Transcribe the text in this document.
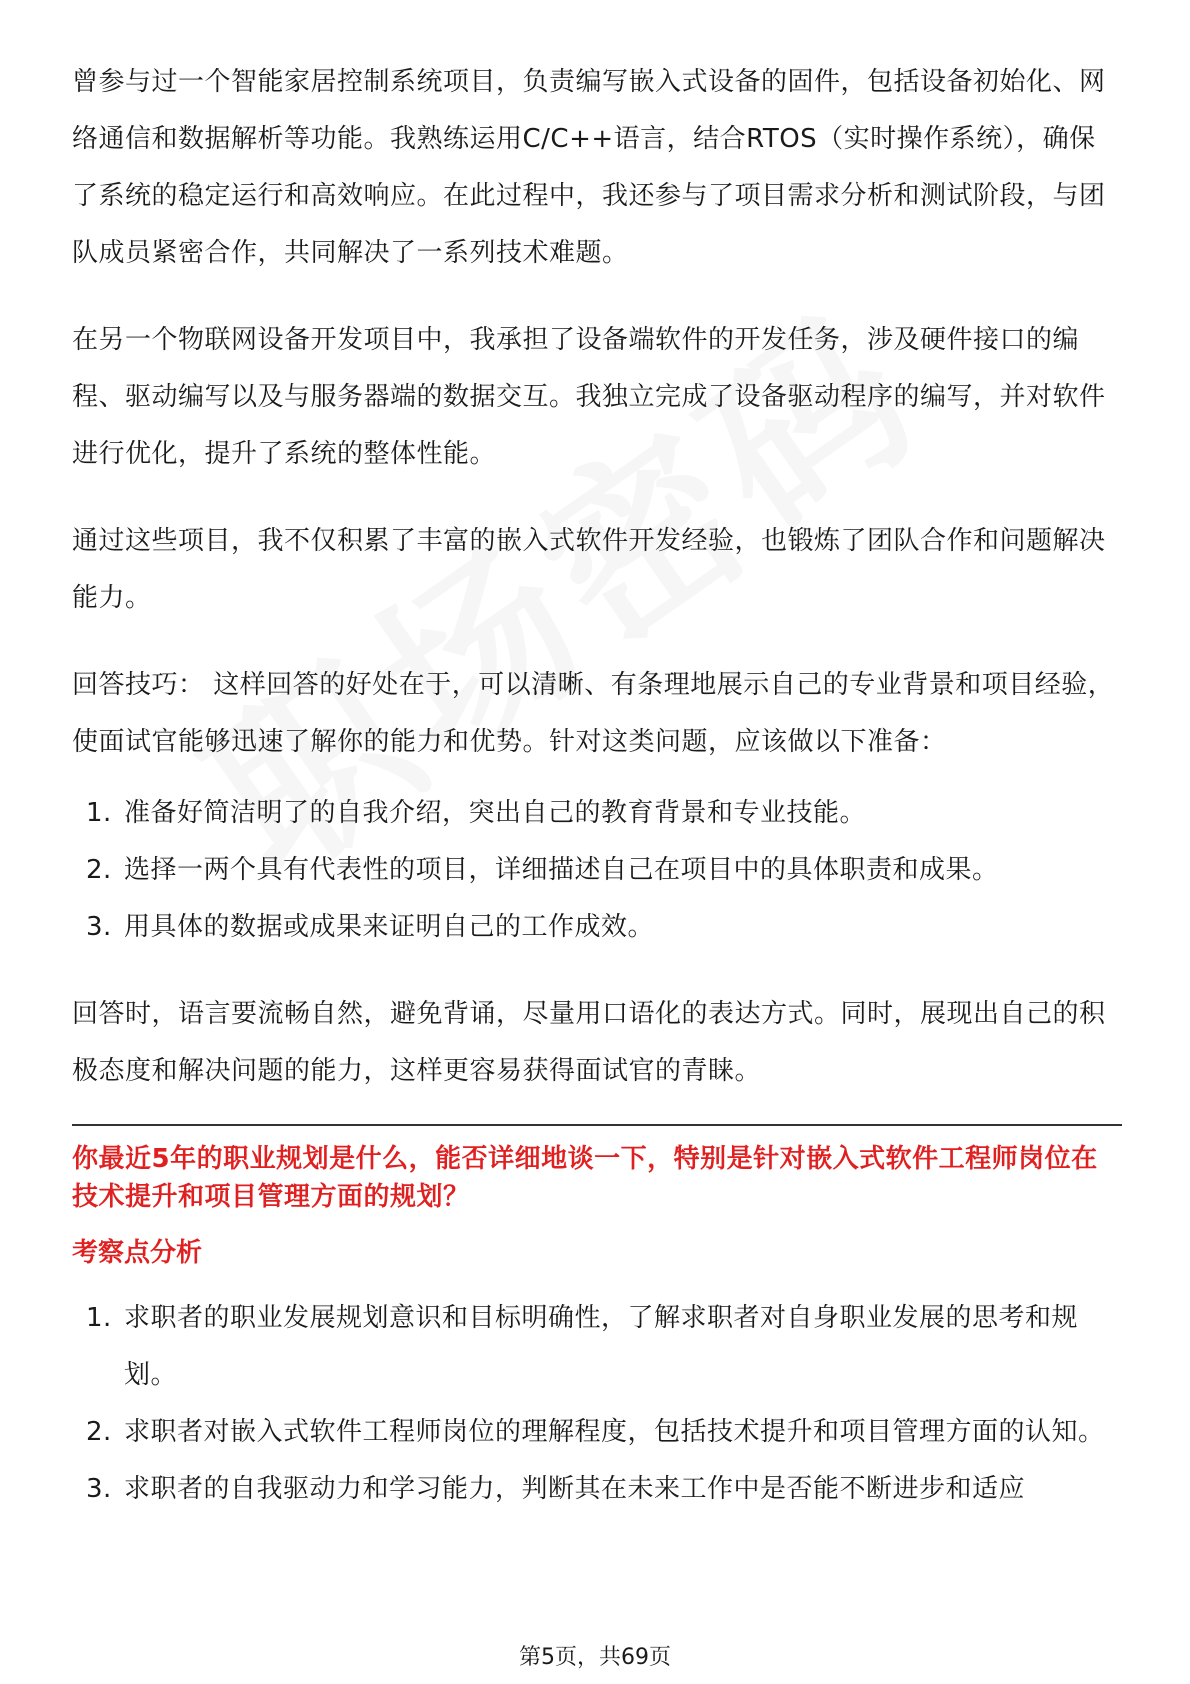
曾参与过一个智能家居控制系统项目，负责编写嵌入式设备的固件，包括设备初始化、网络通信和数据解析等功能。我熟练运用C/C++语言，结合RTOS（实时操作系统），确保了系统的稳定运行和高效响应。在此过程中，我还参与了项目需求分析和测试阶段，与团队成员紧密合作，共同解决了一系列技术难题。

在另一个物联网设备开发项目中，我承担了设备端软件的开发任务，涉及硬件接口的编程、驱动编写以及与服务器端的数据交互。我独立完成了设备驱动程序的编写，并对软件进行优化，提升了系统的整体性能。

通过这些项目，我不仅积累了丰富的嵌入式软件开发经验，也锻炼了团队合作和问题解决能力。

回答技巧： 这样回答的好处在于，可以清晰、有条理地展示自己的专业背景和项目经验，使面试官能够迅速了解你的能力和优势。针对这类问题，应该做以下准备：

1. 准备好简洁明了的自我介绍，突出自己的教育背景和专业技能。
2. 选择一两个具有代表性的项目，详细描述自己在项目中的具体职责和成果。
3. 用具体的数据或成果来证明自己的工作成效。

回答时，语言要流畅自然，避免背诵，尽量用口语化的表达方式。同时，展现出自己的积极态度和解决问题的能力，这样更容易获得面试官的青睐。

你最近5年的职业规划是什么，能否详细地谈一下，特别是针对嵌入式软件工程师岗位在技术提升和项目管理方面的规划？
考察点分析
1. 求职者的职业发展规划意识和目标明确性，了解求职者对自身职业发展的思考和规划。
2. 求职者对嵌入式软件工程师岗位的理解程度，包括技术提升和项目管理方面的认知。
3. 求职者的自我驱动力和学习能力，判断其在未来工作中是否能不断进步和适应
第5页，共69页
